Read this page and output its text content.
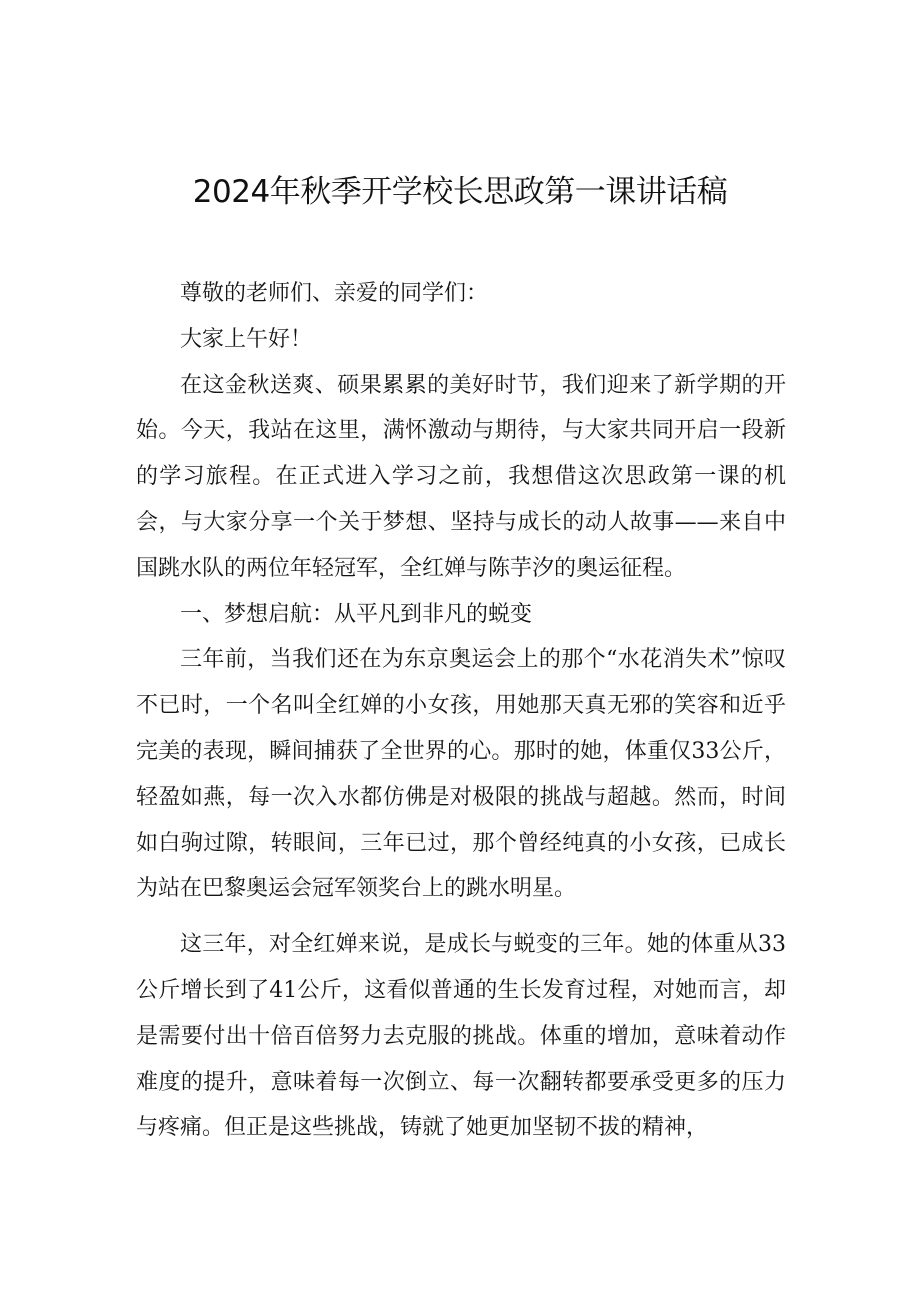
2024年秋季开学校长思政第一课讲话稿

尊敬的老师们、亲爱的同学们：

大家上午好！

在这金秋送爽、硕果累累的美好时节，我们迎来了新学期的开始。今天，我站在这里，满怀激动与期待，与大家共同开启一段新的学习旅程。在正式进入学习之前，我想借这次思政第一课的机会，与大家分享一个关于梦想、坚持与成长的动人故事——来自中国跳水队的两位年轻冠军，全红婵与陈芋汐的奥运征程。

一、梦想启航：从平凡到非凡的蜕变

三年前，当我们还在为东京奥运会上的那个“水花消失术”惊叹不已时，一个名叫全红婵的小女孩，用她那天真无邪的笑容和近乎完美的表现，瞬间捕获了全世界的心。那时的她，体重仅33公斤，轻盈如燕，每一次入水都仿佛是对极限的挑战与超越。然而，时间如白驹过隙，转眼间，三年已过，那个曾经纯真的小女孩，已成长为站在巴黎奥运会冠军领奖台上的跳水明星。

这三年，对全红婵来说，是成长与蜕变的三年。她的体重从33公斤增长到了41公斤，这看似普通的生长发育过程，对她而言，却是需要付出十倍百倍努力去克服的挑战。体重的增加，意味着动作难度的提升，意味着每一次倒立、每一次翻转都要承受更多的压力与疼痛。但正是这些挑战，铸就了她更加坚韧不拔的精神，
